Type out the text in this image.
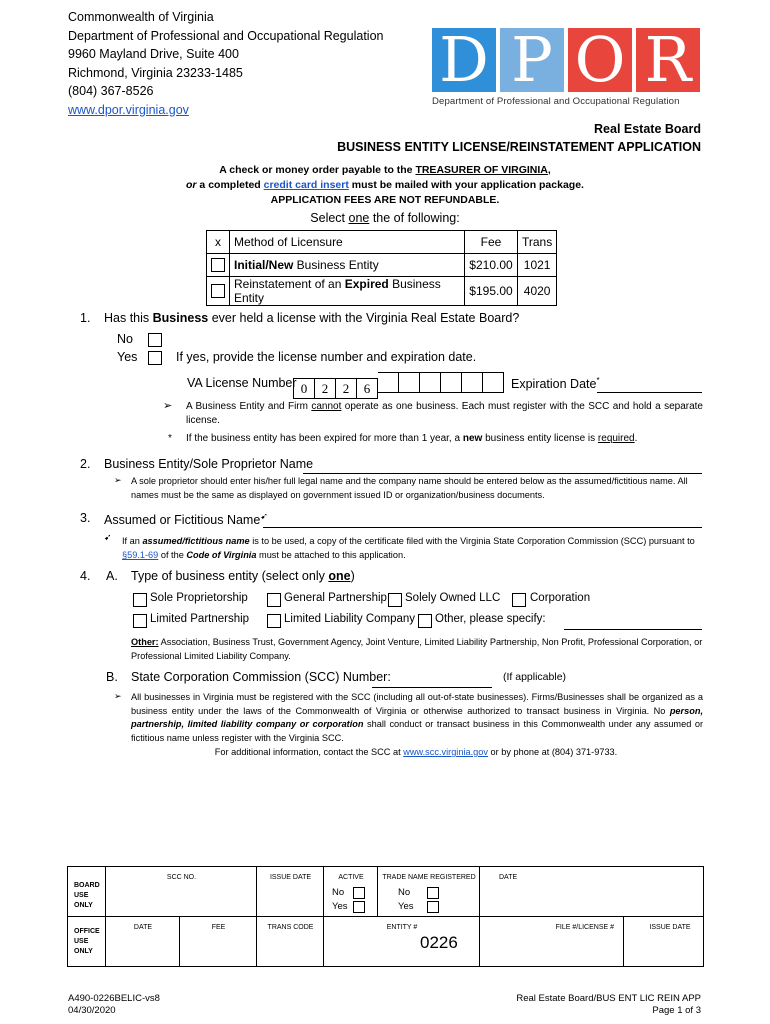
Commonwealth of Virginia
Department of Professional and Occupational Regulation
9960 Mayland Drive, Suite 400
Richmond, Virginia 23233-1485
(804) 367-8526
www.dpor.virginia.gov
D P O R
Department of Professional and Occupational Regulation
Real Estate Board
BUSINESS ENTITY LICENSE/REINSTATEMENT APPLICATION
A check or money order payable to the TREASURER OF VIRGINIA,
or a completed credit card insert must be mailed with your application package.
APPLICATION FEES ARE NOT REFUNDABLE.
Select one the of following:
x	Method of Licensure	Fee	Trans
	Initial/New Business Entity	$210.00	1021
	Reinstatement of an Expired Business Entity	$195.00	4020
1. Has this Business ever held a license with the Virginia Real Estate Board?
No
Yes	If yes, provide the license number and expiration date.
VA License Number 0 2 2 6	Expiration Date*
➢ A Business Entity and Firm cannot operate as one business. Each must register with the SCC and hold a separate license.
* If the business entity has been expired for more than 1 year, a new business entity license is required.
2. Business Entity/Sole Proprietor Name
➢ A sole proprietor should enter his/her full legal name and the company name should be entered below as the assumed/fictitious name. All names must be the same as displayed on government issued ID or organization/business documents.
3. Assumed or Fictitious Name➹
➹ If an assumed/fictitious name is to be used, a copy of the certificate filed with the Virginia State Corporation Commission (SCC) pursuant to §59.1-69 of the Code of Virginia must be attached to this application.
4. A. Type of business entity (select only one)
Sole Proprietorship	General Partnership Solely Owned LLC	Corporation
Limited Partnership	Limited Liability Company Other, please specify:
Other: Association, Business Trust, Government Agency, Joint Venture, Limited Liability Partnership, Non Profit, Professional Corporation, or Professional Limited Liability Company.
B. State Corporation Commission (SCC) Number:	(If applicable)
➢ All businesses in Virginia must be registered with the SCC (including all out-of-state businesses). Firms/Businesses shall be organized as a business entity under the laws of the Commonwealth of Virginia or otherwise authorized to transact business in Virginia. No person, partnership, limited liability company or corporation shall conduct or transact business in this Commonwealth under any assumed or fictitious name unless register with the Virginia SCC.
For additional information, contact the SCC at www.scc.virginia.gov or by phone at (804) 371-9733.
BOARD USE ONLY
SCC NO.	ISSUE DATE	ACTIVE
No
Yes
TRADE NAME REGISTERED
No
Yes
DATE
OFFICE USE ONLY
DATE	FEE	TRANS CODE	ENTITY #
0226
FILE #/LICENSE #	ISSUE DATE
A490-0226BELIC-vs8
04/30/2020
Real Estate Board/BUS ENT LIC REIN APP
Page 1 of 3
